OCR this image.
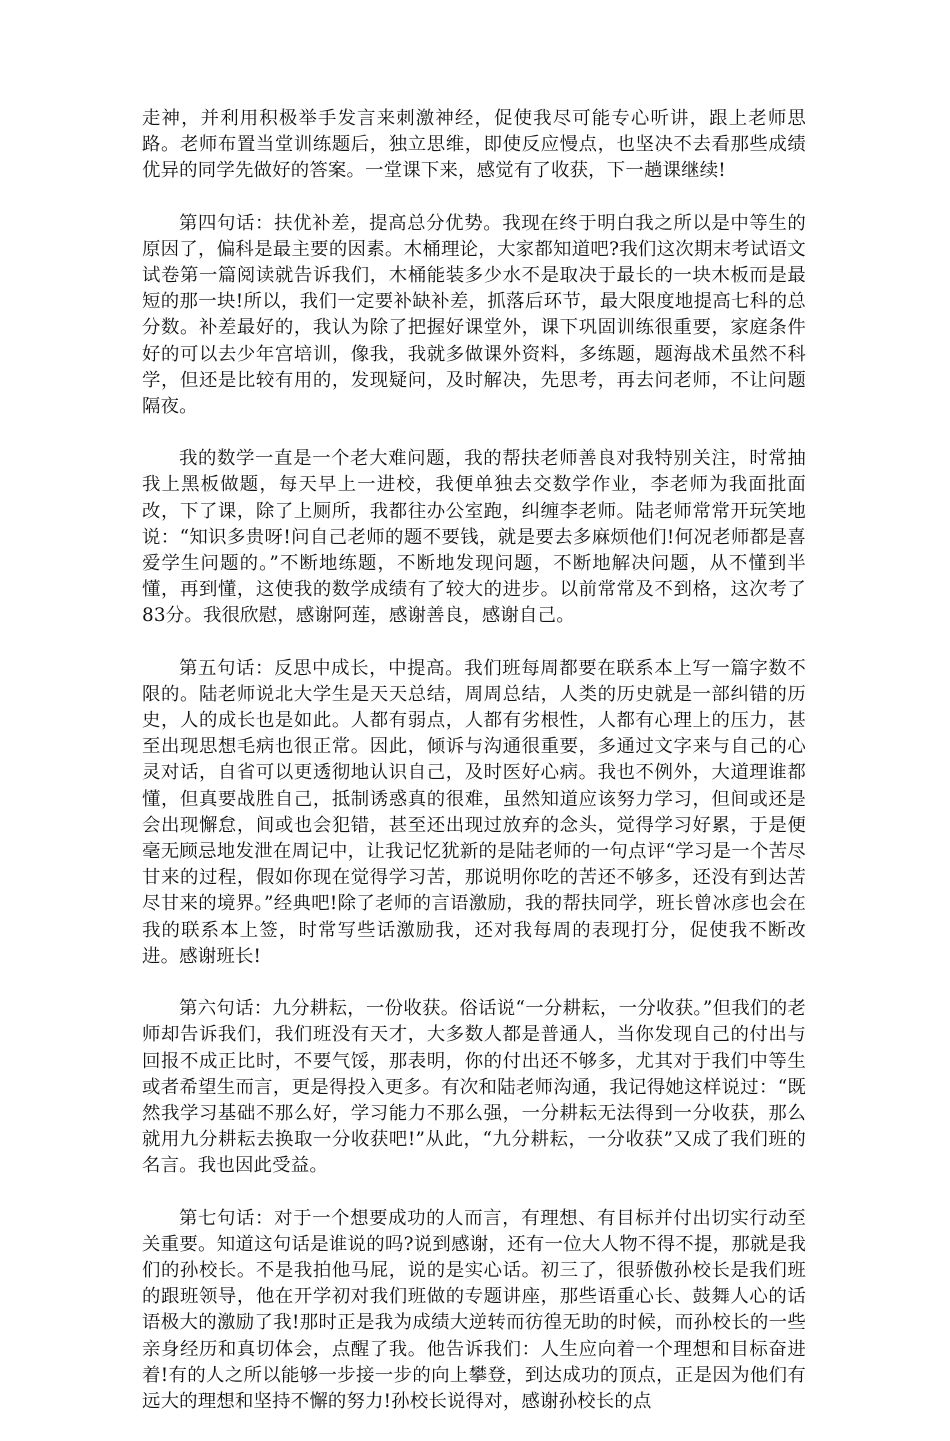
走神，并利用积极举手发言来刺激神经，促使我尽可能专心听讲，跟上老师思路。老师布置当堂训练题后，独立思维，即使反应慢点，也坚决不去看那些成绩优异的同学先做好的答案。一堂课下来，感觉有了收获，下一趟课继续!

第四句话：扶优补差，提高总分优势。我现在终于明白我之所以是中等生的原因了，偏科是最主要的因素。木桶理论，大家都知道吧?我们这次期末考试语文试卷第一篇阅读就告诉我们，木桶能装多少水不是取决于最长的一块木板而是最短的那一块!所以，我们一定要补缺补差，抓落后环节，最大限度地提高七科的总分数。补差最好的，我认为除了把握好课堂外，课下巩固训练很重要，家庭条件好的可以去少年宫培训，像我，我就多做课外资料，多练题，题海战术虽然不科学，但还是比较有用的，发现疑问，及时解决，先思考，再去问老师，不让问题隔夜。

我的数学一直是一个老大难问题，我的帮扶老师善良对我特别关注，时常抽我上黑板做题，每天早上一进校，我便单独去交数学作业，李老师为我面批面改，下了课，除了上厕所，我都往办公室跑，纠缠李老师。陆老师常常开玩笑地说：“知识多贵呀!问自己老师的题不要钱，就是要去多麻烦他们!何况老师都是喜爱学生问题的。”不断地练题，不断地发现问题，不断地解决问题，从不懂到半懂，再到懂，这使我的数学成绩有了较大的进步。以前常常及不到格，这次考了83分。我很欣慰，感谢阿莲，感谢善良，感谢自己。

第五句话：反思中成长，中提高。我们班每周都要在联系本上写一篇字数不限的。陆老师说北大学生是天天总结，周周总结，人类的历史就是一部纠错的历史，人的成长也是如此。人都有弱点，人都有劣根性，人都有心理上的压力，甚至出现思想毛病也很正常。因此，倾诉与沟通很重要，多通过文字来与自己的心灵对话，自省可以更透彻地认识自己，及时医好心病。我也不例外，大道理谁都懂，但真要战胜自己，抵制诱惑真的很难，虽然知道应该努力学习，但间或还是会出现懈怠，间或也会犯错，甚至还出现过放弃的念头，觉得学习好累，于是便毫无顾忌地发泄在周记中，让我记忆犹新的是陆老师的一句点评“学习是一个苦尽甘来的过程，假如你现在觉得学习苦，那说明你吃的苦还不够多，还没有到达苦尽甘来的境界。”经典吧!除了老师的言语激励，我的帮扶同学，班长曾冰彦也会在我的联系本上签，时常写些话激励我，还对我每周的表现打分，促使我不断改进。感谢班长!

第六句话：九分耕耘，一份收获。俗话说“一分耕耘，一分收获。”但我们的老师却告诉我们，我们班没有天才，大多数人都是普通人，当你发现自己的付出与回报不成正比时，不要气馁，那表明，你的付出还不够多，尤其对于我们中等生或者希望生而言，更是得投入更多。有次和陆老师沟通，我记得她这样说过：“既然我学习基础不那么好，学习能力不那么强，一分耕耘无法得到一分收获，那么就用九分耕耘去换取一分收获吧!”从此，“九分耕耘，一分收获”又成了我们班的名言。我也因此受益。

第七句话：对于一个想要成功的人而言，有理想、有目标并付出切实行动至关重要。知道这句话是谁说的吗?说到感谢，还有一位大人物不得不提，那就是我们的孙校长。不是我拍他马屁，说的是实心话。初三了，很骄傲孙校长是我们班的跟班领导，他在开学初对我们班做的专题讲座，那些语重心长、鼓舞人心的话语极大的激励了我!那时正是我为成绩大逆转而彷徨无助的时候，而孙校长的一些亲身经历和真切体会，点醒了我。他告诉我们：人生应向着一个理想和目标奋进着!有的人之所以能够一步接一步的向上攀登，到达成功的顶点，正是因为他们有远大的理想和坚持不懈的努力!孙校长说得对，感谢孙校长的点
